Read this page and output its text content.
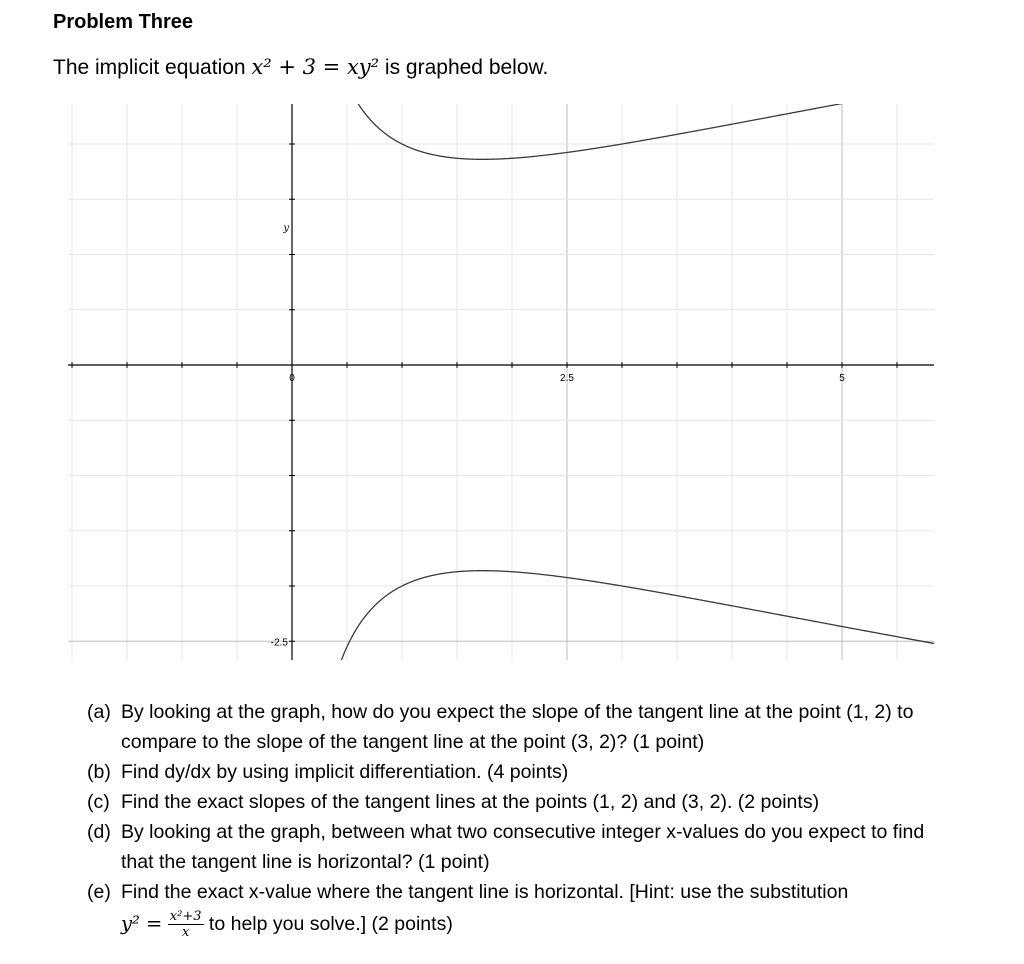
Problem Three
The implicit equation x² + 3 = xy² is graphed below.
0	2.5	5
-2.5
y
(a) By looking at the graph, how do you expect the slope of the tangent line at the point (1, 2) to compare to the slope of the tangent line at the point (3, 2)? (1 point)
(b) Find dy/dx by using implicit differentiation. (4 points)
(c) Find the exact slopes of the tangent lines at the points (1, 2) and (3, 2). (2 points)
(d) By looking at the graph, between what two consecutive integer x-values do you expect to find that the tangent line is horizontal? (1 point)
(e) Find the exact x-value where the tangent line is horizontal. [Hint: use the substitution
$y^2 = \frac{\text{x²+3}}{x}$ to help you solve.] (2 points)
